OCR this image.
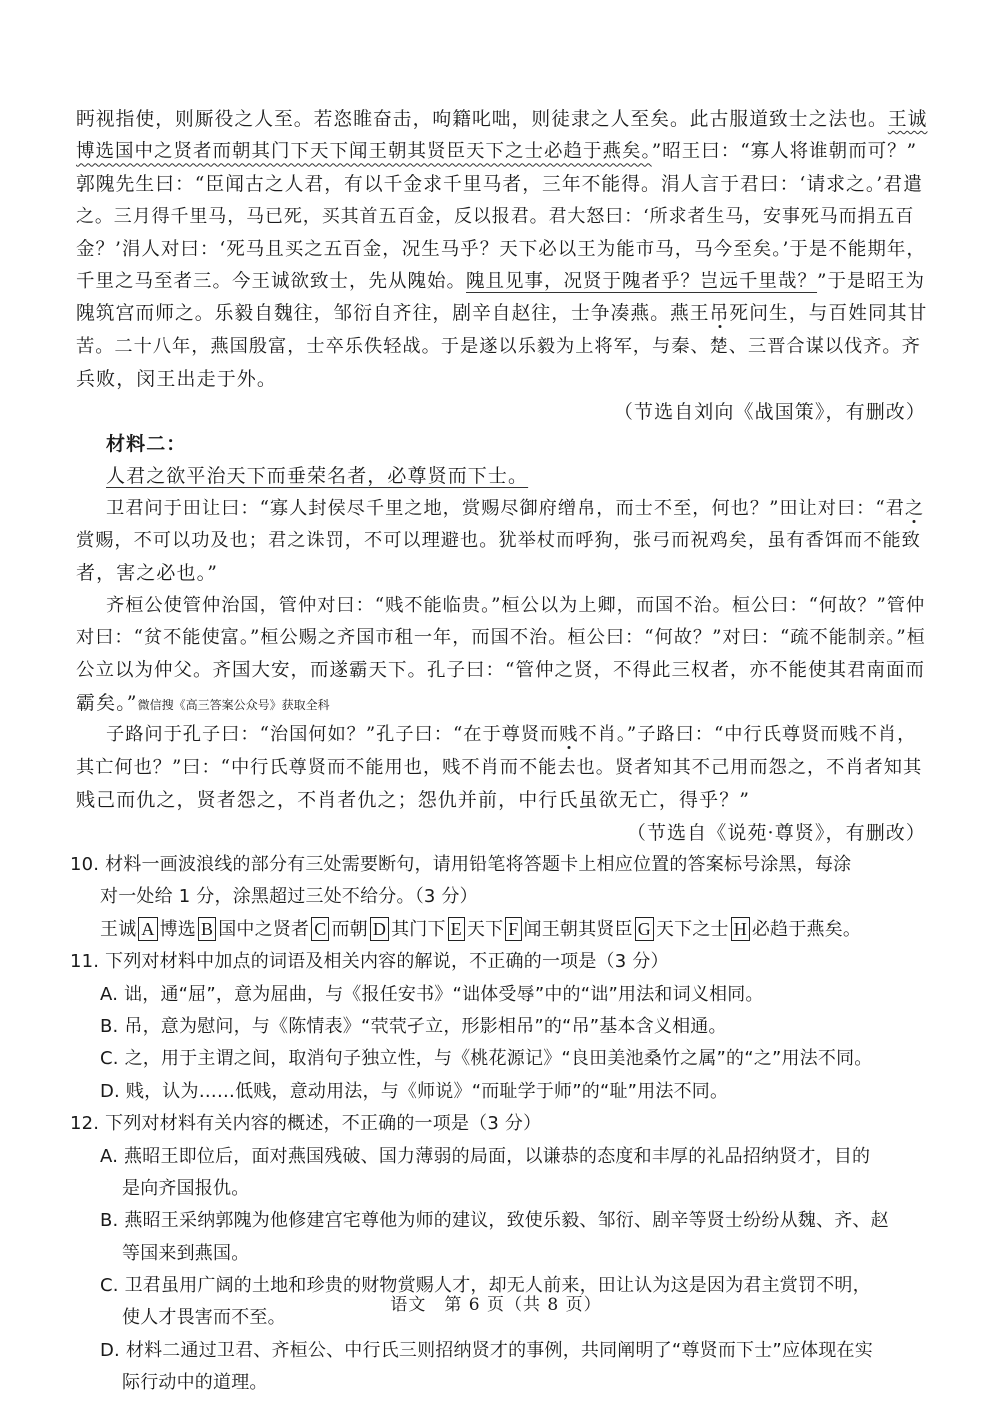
眄视指使，则厮役之人至。若恣睢奋击，呴籍叱咄，则徒隶之人至矣。此古服道致士之法也。王诚
博选国中之贤者而朝其门下天下闻王朝其贤臣天下之士必趋于燕矣。”昭王曰：“寡人将谁朝而可？”
郭隗先生曰：“臣闻古之人君，有以千金求千里马者，三年不能得。涓人言于君曰：‘请求之。’君遣
之。三月得千里马，马已死，买其首五百金，反以报君。君大怒曰：‘所求者生马，安事死马而捐五百
金？’涓人对曰：‘死马且买之五百金，况生马乎？天下必以王为能市马，马今至矣。’于是不能期年，
千里之马至者三。今王诚欲致士，先从隗始。隗且见事，况贤于隗者乎？岂远千里哉？”于是昭王为
隗筑宫而师之。乐毅自魏往，邹衍自齐往，剧辛自赵往，士争凑燕。燕王吊死问生，与百姓同其甘
苦。二十八年，燕国殷富，士卒乐佚轻战。于是遂以乐毅为上将军，与秦、楚、三晋合谋以伐齐。齐
兵败，闵王出走于外。
（节选自刘向《战国策》，有删改）
材料二：
人君之欲平治天下而垂荣名者，必尊贤而下士。
卫君问于田让曰：“寡人封侯尽千里之地，赏赐尽御府缯帛，而士不至，何也？”田让对曰：“君之
赏赐，不可以功及也；君之诛罚，不可以理避也。犹举杖而呼狗，张弓而祝鸡矣，虽有香饵而不能致
者，害之必也。”
齐桓公使管仲治国，管仲对曰：“贱不能临贵。”桓公以为上卿，而国不治。桓公曰：“何故？”管仲
对曰：“贫不能使富。”桓公赐之齐国市租一年，而国不治。桓公曰：“何故？”对曰：“疏不能制亲。”桓
公立以为仲父。齐国大安，而遂霸天下。孔子曰：“管仲之贤，不得此三权者，亦不能使其君南面而
霸矣。”微信搜《高三答案公众号》获取全科
子路问于孔子曰：“治国何如？”孔子曰：“在于尊贤而贱不肖。”子路曰：“中行氏尊贤而贱不肖，
其亡何也？”曰：“中行氏尊贤而不能用也，贱不肖而不能去也。贤者知其不己用而怨之，不肖者知其
贱己而仇之，贤者怨之，不肖者仇之；怨仇并前，中行氏虽欲无亡，得乎？”
（节选自《说苑·尊贤》，有删改）
10. 材料一画波浪线的部分有三处需要断句，请用铅笔将答题卡上相应位置的答案标号涂黑，每涂
对一处给 1 分，涂黑超过三处不给分。（3 分）
王诚 A 博选 B 国中之贤者 C 而朝 D 其门下 E 天下 F 闻王朝其贤臣 G 天下之士 H 必趋于燕矣。
11. 下列对材料中加点的词语及相关内容的解说，不正确的一项是（3 分）
A. 诎，通“屈”，意为屈曲，与《报任安书》“诎体受辱”中的“诎”用法和词义相同。
B. 吊，意为慰问，与《陈情表》“茕茕孑立，形影相吊”的“吊”基本含义相通。
C. 之，用于主谓之间，取消句子独立性，与《桃花源记》“良田美池桑竹之属”的“之”用法不同。
D. 贱，认为……低贱，意动用法，与《师说》“而耻学于师”的“耻”用法不同。
12. 下列对材料有关内容的概述，不正确的一项是（3 分）
A. 燕昭王即位后，面对燕国残破、国力薄弱的局面，以谦恭的态度和丰厚的礼品招纳贤才，目的
是向齐国报仇。
B. 燕昭王采纳郭隗为他修建宫宅尊他为师的建议，致使乐毅、邹衍、剧辛等贤士纷纷从魏、齐、赵
等国来到燕国。
C. 卫君虽用广阔的土地和珍贵的财物赏赐人才，却无人前来，田让认为这是因为君主赏罚不明，
使人才畏害而不至。
D. 材料二通过卫君、齐桓公、中行氏三则招纳贤才的事例，共同阐明了“尊贤而下士”应体现在实
际行动中的道理。
语文　第 6 页（共 8 页）
